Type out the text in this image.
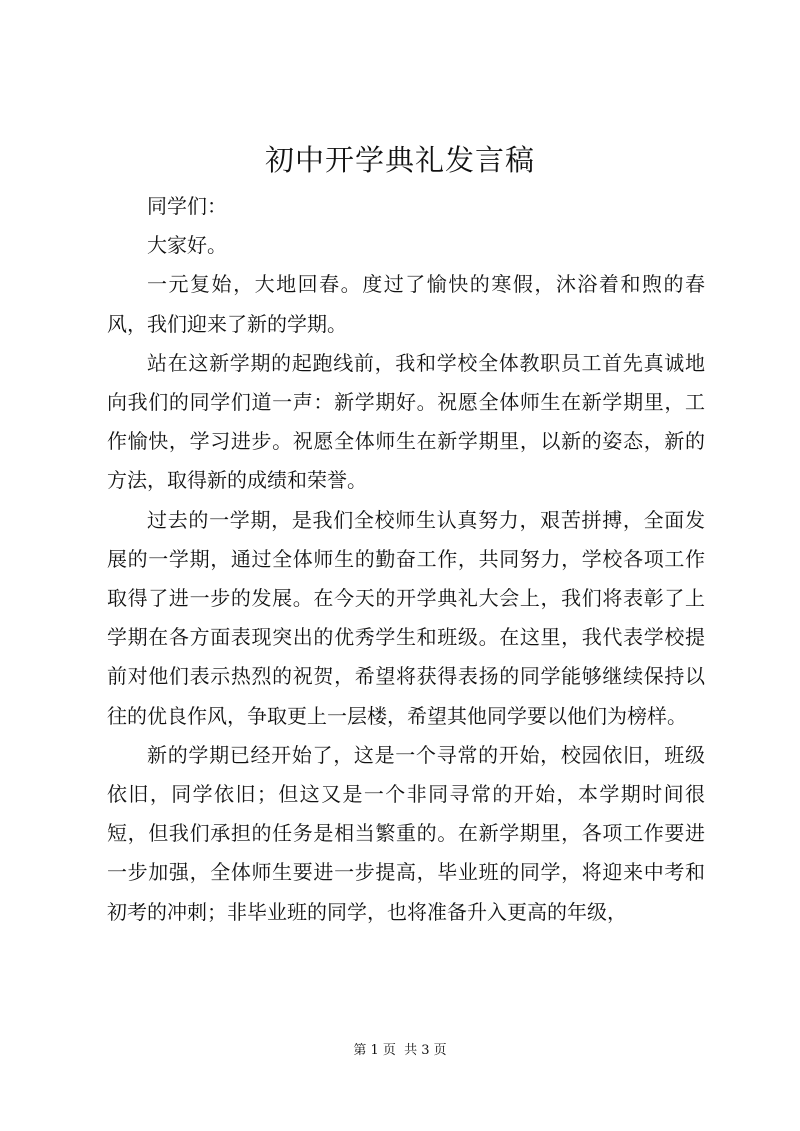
初中开学典礼发言稿

同学们：

大家好。

一元复始，大地回春。度过了愉快的寒假，沐浴着和煦的春风，我们迎来了新的学期。

站在这新学期的起跑线前，我和学校全体教职员工首先真诚地向我们的同学们道一声：新学期好。祝愿全体师生在新学期里，工作愉快，学习进步。祝愿全体师生在新学期里，以新的姿态，新的方法，取得新的成绩和荣誉。

过去的一学期，是我们全校师生认真努力，艰苦拼搏，全面发展的一学期，通过全体师生的勤奋工作，共同努力，学校各项工作取得了进一步的发展。在今天的开学典礼大会上，我们将表彰了上学期在各方面表现突出的优秀学生和班级。在这里，我代表学校提前对他们表示热烈的祝贺，希望将获得表扬的同学能够继续保持以往的优良作风，争取更上一层楼，希望其他同学要以他们为榜样。

新的学期已经开始了，这是一个寻常的开始，校园依旧，班级依旧，同学依旧；但这又是一个非同寻常的开始，本学期时间很短，但我们承担的任务是相当繁重的。在新学期里，各项工作要进一步加强，全体师生要进一步提高，毕业班的同学，将迎来中考和初考的冲刺；非毕业班的同学，也将准备升入更高的年级，

第 1 页  共 3 页
